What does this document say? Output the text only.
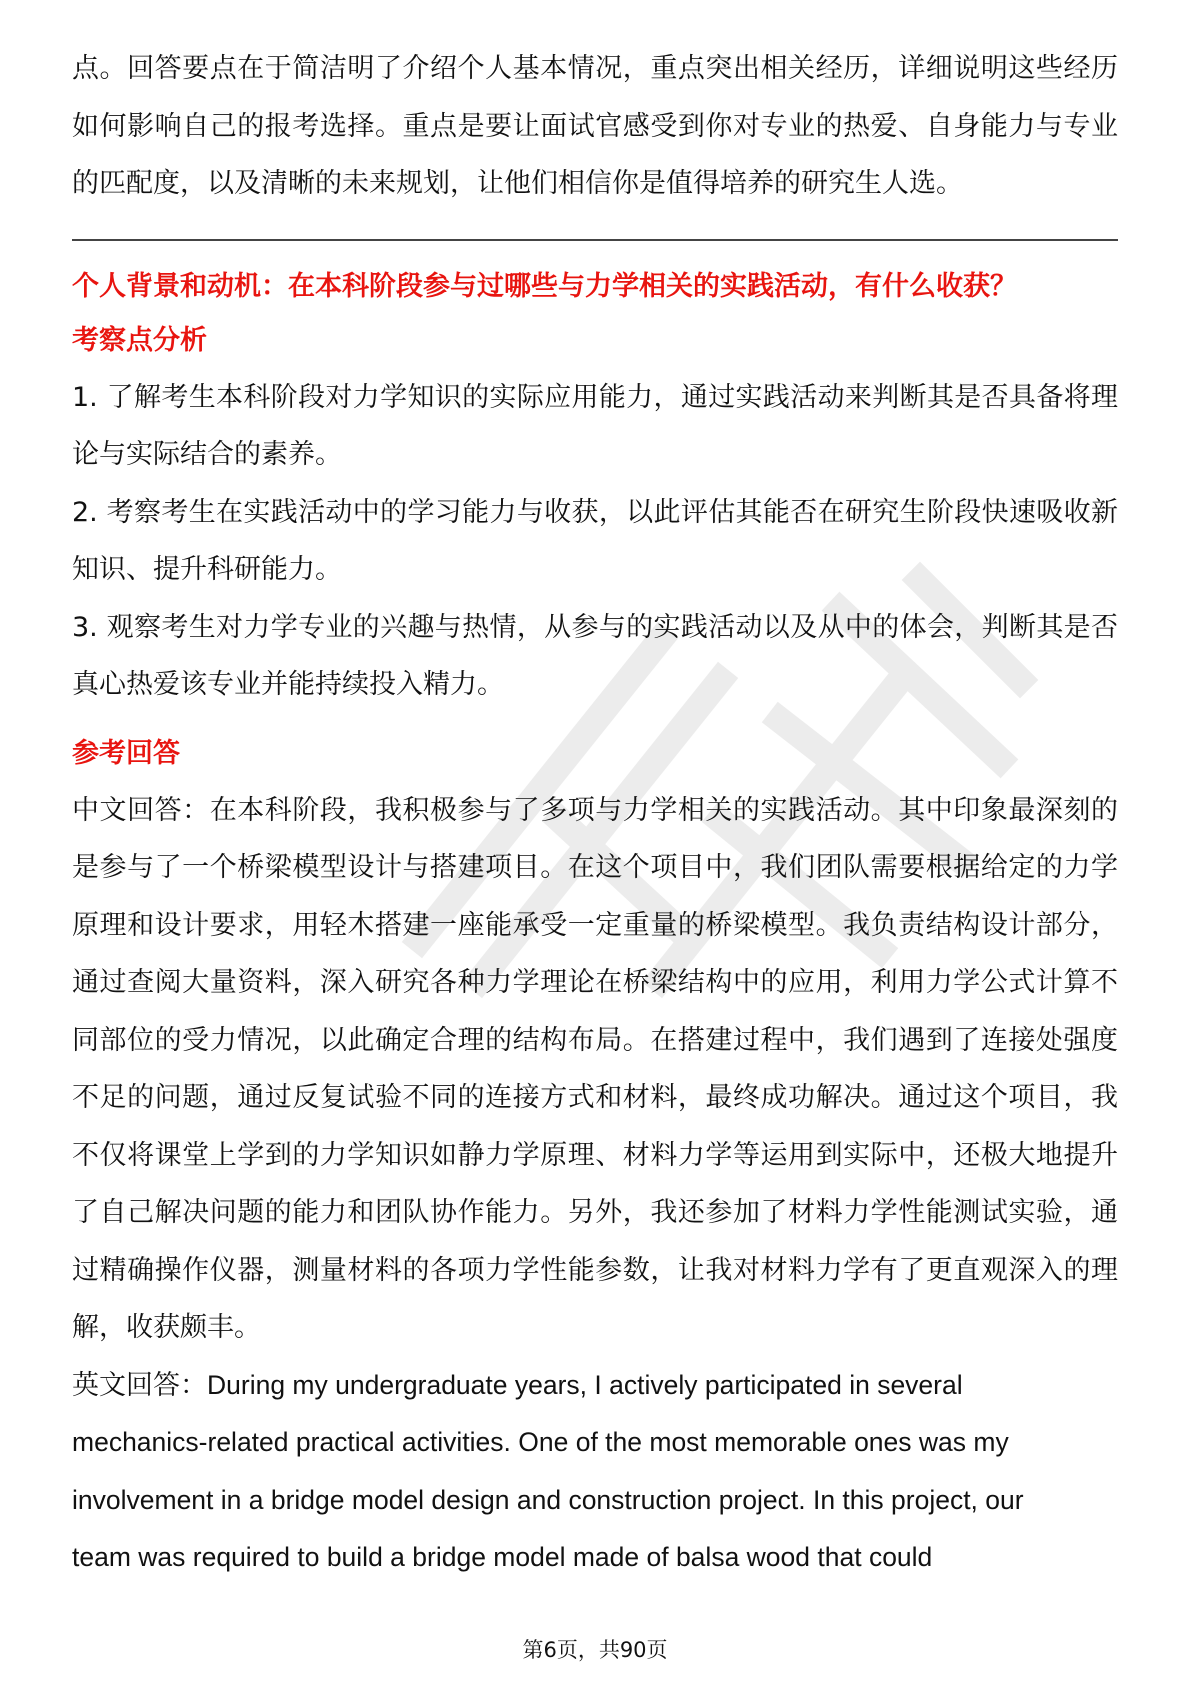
点。回答要点在于简洁明了介绍个人基本情况，重点突出相关经历，详细说明这些经历如何影响自己的报考选择。重点是要让面试官感受到你对专业的热爱、自身能力与专业的匹配度，以及清晰的未来规划，让他们相信你是值得培养的研究生人选。

个人背景和动机：在本科阶段参与过哪些与力学相关的实践活动，有什么收获？

考察点分析

1. 了解考生本科阶段对力学知识的实际应用能力，通过实践活动来判断其是否具备将理论与实际结合的素养。

2. 考察考生在实践活动中的学习能力与收获，以此评估其能否在研究生阶段快速吸收新知识、提升科研能力。

3. 观察考生对力学专业的兴趣与热情，从参与的实践活动以及从中的体会，判断其是否真心热爱该专业并能持续投入精力。

参考回答

中文回答：在本科阶段，我积极参与了多项与力学相关的实践活动。其中印象最深刻的是参与了一个桥梁模型设计与搭建项目。在这个项目中，我们团队需要根据给定的力学原理和设计要求，用轻木搭建一座能承受一定重量的桥梁模型。我负责结构设计部分，通过查阅大量资料，深入研究各种力学理论在桥梁结构中的应用，利用力学公式计算不同部位的受力情况，以此确定合理的结构布局。在搭建过程中，我们遇到了连接处强度不足的问题，通过反复试验不同的连接方式和材料，最终成功解决。通过这个项目，我不仅将课堂上学到的力学知识如静力学原理、材料力学等运用到实际中，还极大地提升了自己解决问题的能力和团队协作能力。另外，我还参加了材料力学性能测试实验，通过精确操作仪器，测量材料的各项力学性能参数，让我对材料力学有了更直观深入的理解，收获颇丰。

英文回答：During my undergraduate years, I actively participated in several
mechanics-related practical activities. One of the most memorable ones was my
involvement in a bridge model design and construction project. In this project, our
team was required to build a bridge model made of balsa wood that could
第6页，共90页
